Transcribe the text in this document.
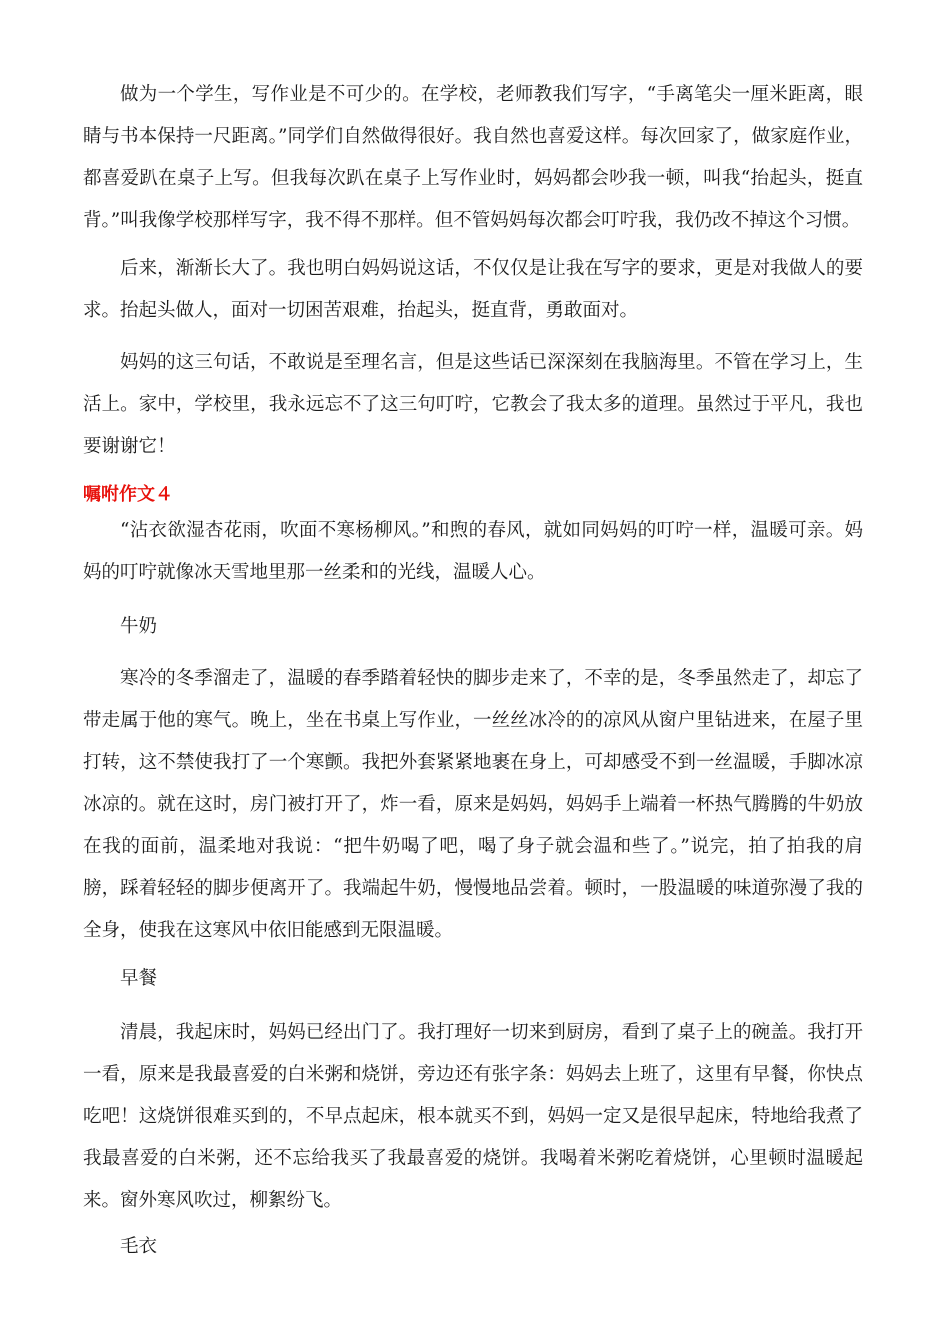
做为一个学生，写作业是不可少的。在学校，老师教我们写字，“手离笔尖一厘米距离，眼睛与书本保持一尺距离。”同学们自然做得很好。我自然也喜爱这样。每次回家了，做家庭作业，都喜爱趴在桌子上写。但我每次趴在桌子上写作业时，妈妈都会吵我一顿，叫我“抬起头，挺直背。”叫我像学校那样写字，我不得不那样。但不管妈妈每次都会叮咛我，我仍改不掉这个习惯。

后来，渐渐长大了。我也明白妈妈说这话，不仅仅是让我在写字的要求，更是对我做人的要求。抬起头做人，面对一切困苦艰难，抬起头，挺直背，勇敢面对。

妈妈的这三句话，不敢说是至理名言，但是这些话已深深刻在我脑海里。不管在学习上，生活上。家中，学校里，我永远忘不了这三句叮咛，它教会了我太多的道理。虽然过于平凡，我也要谢谢它！

嘱咐作文４

“沾衣欲湿杏花雨，吹面不寒杨柳风。”和煦的春风，就如同妈妈的叮咛一样，温暖可亲。妈妈的叮咛就像冰天雪地里那一丝柔和的光线，温暖人心。

牛奶

寒冷的冬季溜走了，温暖的春季踏着轻快的脚步走来了，不幸的是，冬季虽然走了，却忘了带走属于他的寒气。晚上，坐在书桌上写作业，一丝丝冰冷的的凉风从窗户里钻进来，在屋子里打转，这不禁使我打了一个寒颤。我把外套紧紧地裹在身上，可却感受不到一丝温暖，手脚冰凉冰凉的。就在这时，房门被打开了，炸一看，原来是妈妈，妈妈手上端着一杯热气腾腾的牛奶放在我的面前，温柔地对我说：“把牛奶喝了吧，喝了身子就会温和些了。”说完，拍了拍我的肩膀，踩着轻轻的脚步便离开了。我端起牛奶，慢慢地品尝着。顿时，一股温暖的味道弥漫了我的全身，使我在这寒风中依旧能感到无限温暖。

早餐

清晨，我起床时，妈妈已经出门了。我打理好一切来到厨房，看到了桌子上的碗盖。我打开一看，原来是我最喜爱的白米粥和烧饼，旁边还有张字条：妈妈去上班了，这里有早餐，你快点吃吧！这烧饼很难买到的，不早点起床，根本就买不到，妈妈一定又是很早起床，特地给我煮了我最喜爱的白米粥，还不忘给我买了我最喜爱的烧饼。我喝着米粥吃着烧饼，心里顿时温暖起来。窗外寒风吹过，柳絮纷飞。

毛衣
